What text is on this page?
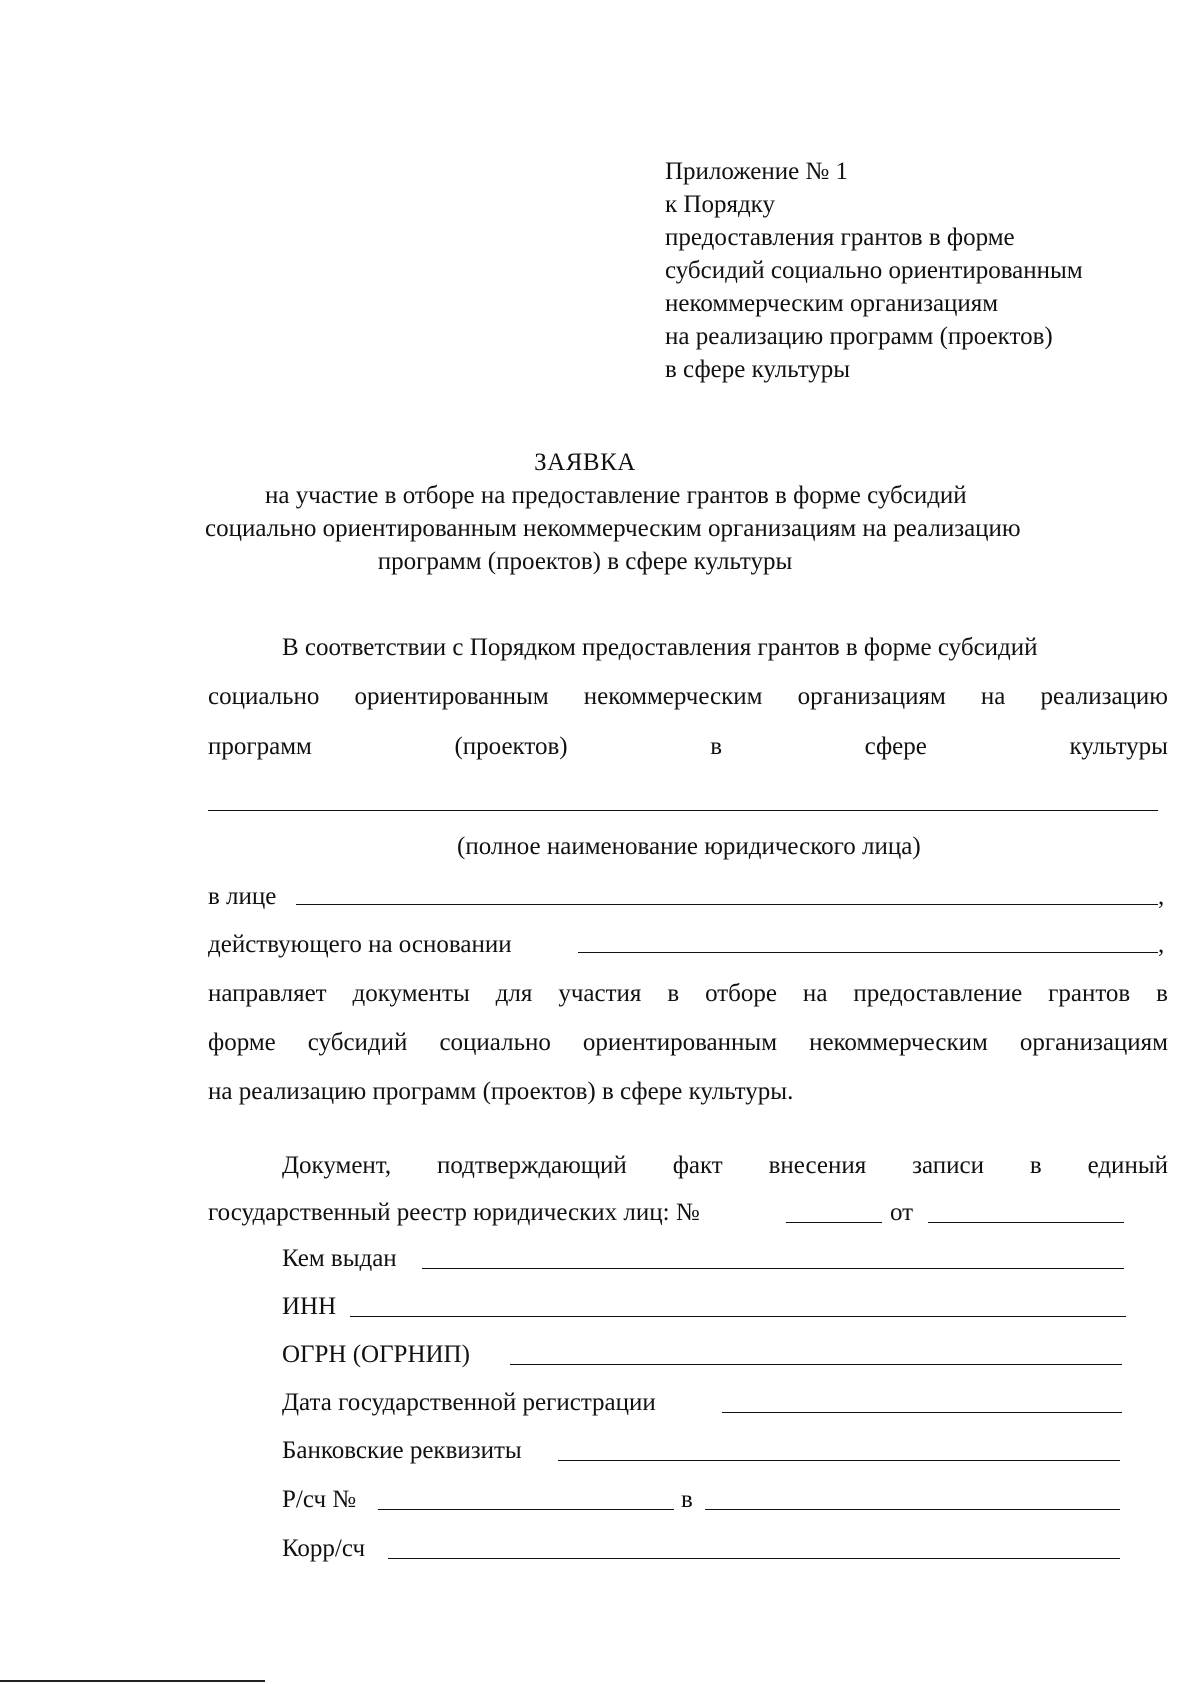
Приложение № 1
к Порядку
предоставления грантов в форме
субсидий социально ориентированным
некоммерческим организациям
на реализацию программ (проектов)
в сфере культуры
ЗАЯВКА
на участие в отборе на предоставление грантов в форме субсидий
социально ориентированным некоммерческим организациям на реализацию
программ (проектов) в сфере культуры
В соответствии с Порядком предоставления грантов в форме субсидий
социально ориентированным некоммерческим организациям на реализацию
программ	(проектов)	в	сфере	культуры
(полное наименование юридического лица)
в лице	,
действующего на основании	,
направляет документы для участия в отборе на предоставление грантов в
форме субсидий социально ориентированным некоммерческим организациям
на реализацию программ (проектов) в сфере культуры.
Документ, подтверждающий факт внесения записи в единый
государственный реестр юридических лиц: №	от
Кем выдан
ИНН
ОГРН (ОГРНИП)
Дата государственной регистрации
Банковские реквизиты
Р/сч №	в
Корр/сч
